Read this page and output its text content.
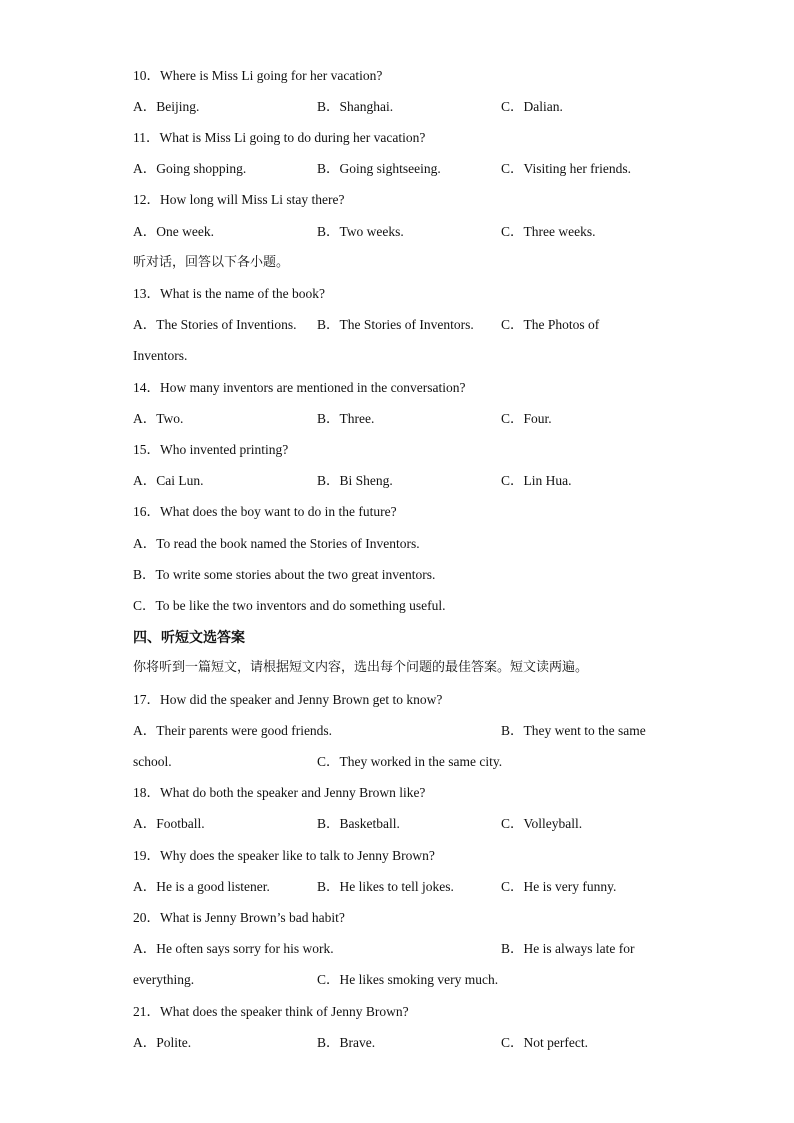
10．Where is Miss Li going for her vacation?
A．Beijing.	B．Shanghai.	C．Dalian.
11．What is Miss Li going to do during her vacation?
A．Going shopping.	B．Going sightseeing.	C．Visiting her friends.
12．How long will Miss Li stay there?
A．One week.	B．Two weeks.	C．Three weeks.
听对话，回答以下各小题。
13．What is the name of the book?
A．The Stories of Inventions. B．The Stories of Inventors. C．The Photos of
Inventors.
14．How many inventors are mentioned in the conversation?
A．Two.	B．Three.	C．Four.
15．Who invented printing?
A．Cai Lun.	B．Bi Sheng.	C．Lin Hua.
16．What does the boy want to do in the future?
A．To read the book named the Stories of Inventors.
B．To write some stories about the two great inventors.
C．To be like the two inventors and do something useful.
四、听短文选答案
你将听到一篇短文，请根据短文内容，选出每个问题的最佳答案。短文读两遍。
17．How did the speaker and Jenny Brown get to know?
A．Their parents were good friends.	B．They went to the same
school.	C．They worked in the same city.
18．What do both the speaker and Jenny Brown like?
A．Football.	B．Basketball.	C．Volleyball.
19．Why does the speaker like to talk to Jenny Brown?
A．He is a good listener.	B．He likes to tell jokes.	C．He is very funny.
20．What is Jenny Brown’s bad habit?
A．He often says sorry for his work.	B．He is always late for
everything.	C．He likes smoking very much.
21．What does the speaker think of Jenny Brown?
A．Polite.	B．Brave.	C．Not perfect.
